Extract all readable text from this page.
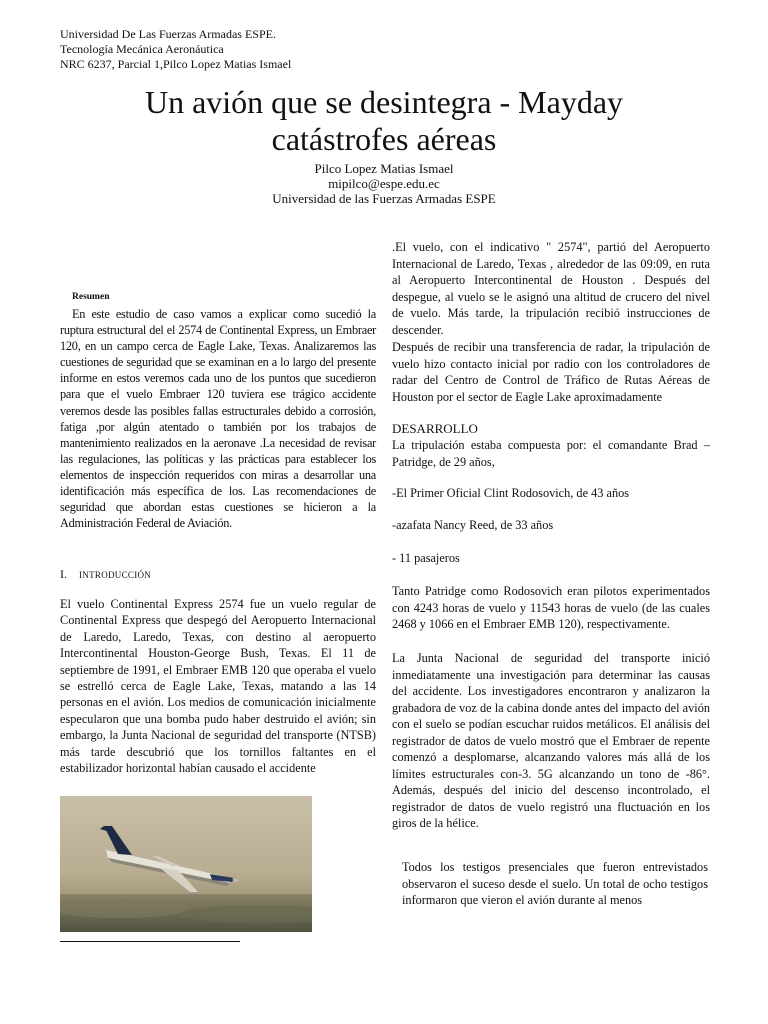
Universidad De Las Fuerzas Armadas ESPE.
Tecnología Mecánica Aeronáutica
NRC 6237, Parcial 1,Pilco Lopez Matias Ismael
Un avión que se desintegra - Mayday
catástrofes aéreas
Pilco Lopez Matias Ismael
mipilco@espe.edu.ec
Universidad de las Fuerzas Armadas ESPE
Resumen

En este estudio de caso vamos a explicar como sucedió la ruptura estructural del el 2574 de Continental Express, un Embraer 120, en un campo cerca de Eagle Lake, Texas. Analizaremos las cuestiones de seguridad que se examinan en a lo largo del presente informe en estos veremos cada uno de los puntos que sucedieron para que el vuelo Embraer 120 tuviera ese trágico accidente veremos desde las posibles fallas estructurales debido a corrosión, fatiga ,por algún atentado o también por los trabajos de mantenimiento realizados en la aeronave .La necesidad de revisar las regulaciones, las políticas y las prácticas para establecer los elementos de inspección requeridos con miras a desarrollar una identificación más específica de los. Las recomendaciones de seguridad que abordan estas cuestiones se hicieron a la Administración Federal de Aviación.

I. INTRODUCCIÓN

El vuelo Continental Express 2574 fue un vuelo regular de Continental Express que despegó del Aeropuerto Internacional de Laredo, Laredo, Texas, con destino al aeropuerto Intercontinental Houston-George Bush, Texas. El 11 de septiembre de 1991, el Embraer EMB 120 que operaba el vuelo se estrelló cerca de Eagle Lake, Texas, matando a las 14 personas en el avión. Los medios de comunicación inicialmente especularon que una bomba pudo haber destruido el avión; sin embargo, la Junta Nacional de seguridad del transporte (NTSB) más tarde descubrió que los tornillos faltantes en el estabilizador horizontal habían causado el accidente

.El vuelo, con el indicativo " 2574", partió del Aeropuerto Internacional de Laredo, Texas , alrededor de las 09:09, en ruta al Aeropuerto Intercontinental de Houston . Después del despegue, al vuelo se le asignó una altitud de crucero del nivel de vuelo. Más tarde, la tripulación recibió instrucciones de descender.

Después de recibir una transferencia de radar, la tripulación de vuelo hizo contacto inicial por radio con los controladores de radar del Centro de Control de Tráfico de Rutas Aéreas de Houston por el sector de Eagle Lake aproximadamente

DESARROLLO

La tripulación estaba compuesta por: el comandante Brad – Patridge, de 29 años,

-El Primer Oficial Clint Rodosovich, de 43 años
-azafata Nancy Reed, de 33 años
- 11 pasajeros

Tanto Patridge como Rodosovich eran pilotos experimentados con 4243 horas de vuelo y 11543 horas de vuelo (de las cuales 2468 y 1066 en el Embraer EMB 120), respectivamente.

La Junta Nacional de seguridad del transporte inició inmediatamente una investigación para determinar las causas del accidente. Los investigadores encontraron y analizaron la grabadora de voz de la cabina donde antes del impacto del avión con el suelo se podían escuchar ruidos metálicos. El análisis del registrador de datos de vuelo mostró que el Embraer de repente comenzó a desplomarse, alcanzando valores más allá de los límites estructurales con-3. 5G alcanzando un tono de -86°. Además, después del inicio del descenso incontrolado, el registrador de datos de vuelo registró una fluctuación en los giros de la hélice.

Todos los testigos presenciales que fueron entrevistados observaron el suceso desde el suelo. Un total de ocho testigos informaron que vieron el avión durante al menos
